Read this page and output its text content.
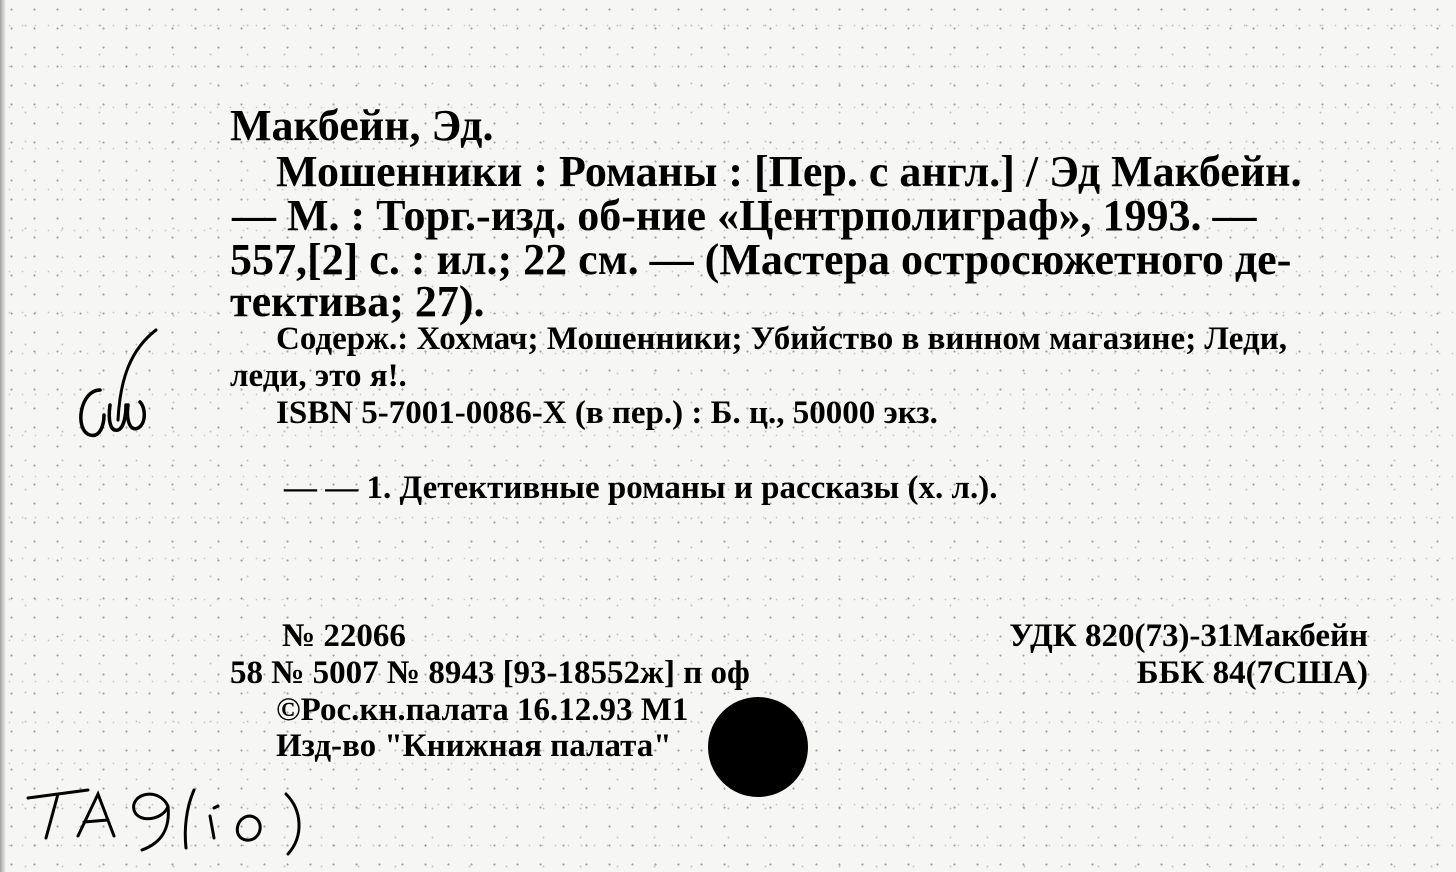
Макбейн, Эд.
Мошенники : Романы : [Пер. с англ.] / Эд Макбейн.
— М. : Торг.-изд. об-ние «Центрполиграф», 1993. —
557,[2] с. : ил.; 22 см. — (Мастера остросюжетного де-
тектива; 27).
Содерж.: Хохмач; Мошенники; Убийство в винном магазине; Леди,
леди, это я!.
ISBN 5-7001-0086-X (в пер.) : Б. ц., 50000 экз.
— — 1. Детективные романы и рассказы (х. л.).
№ 22066
58 № 5007 № 8943 [93-18552ж] п оф
©Рос.кн.палата 16.12.93 М1
Изд-во "Книжная палата"
УДК 820(73)-31Макбейн
ББК 84(7США)
